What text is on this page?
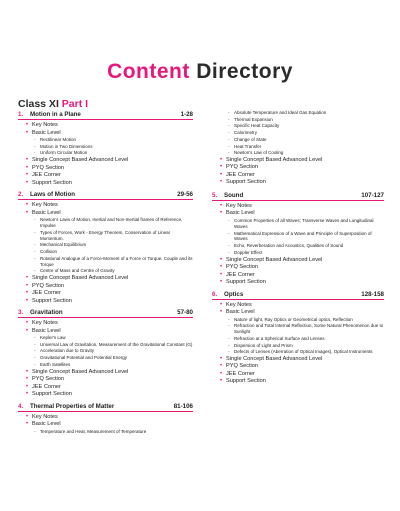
Content Directory
Class XI Part I
1.	Motion in a Plane	1-28
• Key Notes
• Basic Level
- Rectilinear Motion
- Motion in Two Dimensions
- Uniform Circular Motion
• Single Concept Based Advanced Level
• PYQ Section
• JEE Corner
• Support Section
2.	Laws of Motion	29-56
• Key Notes
• Basic Level
- Newton's Laws of Motion, Inertial and Non-Inertial frames of Reference, Impulse
- Types of Forces, Work - Energy Theorem, Conservation of Linear Momentum.
- Mechanical Equilibrium
- Collision
- Rotational Analogue of a Force-Moment of a Force or Torque, Couple and its Torque
- Centre of Mass and Centre of Gravity
• Single Concept Based Advanced Level
• PYQ Section
• JEE Corner
• Support Section
3.	Gravitation	57-80
• Key Notes
• Basic Level
- Kepler's Law
- Universal Law of Gravitation, Measurement of the Gravitational Constant (G)
- Acceleration due to Gravity
- Gravitational Potential and Potential Energy
- Earth Satellites
• Single Concept Based Advanced Level
• PYQ Section
• JEE Corner
• Support Section
4.	Thermal Properties of Matter	81-106
• Key Notes
• Basic Level
- Temperature and Heat, Measurement of Temperature
- Absolute Temperature and Ideal Gas Equation
- Thermal Expansion
- Specific Heat Capacity
- Calorimetry
- Change of State
- Heat Transfer
- Newton's Law of Cooling
• Single Concept Based Advanced Level
• PYQ Section
• JEE Corner
• Support Section
5.	Sound	107-127
• Key Notes
• Basic Level
- Common Properties of all Waves; Transverse Waves and Longitudinal Waves
- Mathematical Expression of a Wave and Principle of Superposition of Waves
- Echo, Reverberation and Acoustics, Qualities of Sound
- Doppler Effect
• Single Concept Based Advanced Level
• PYQ Section
• JEE Corner
• Support Section
6.	Optics	128-158
• Key Notes
• Basic Level
- Nature of light, Ray Optics or Geometrical optics, Reflection
- Refraction and Total Internal Reflection, Some Natural Phenomenon due to Sunlight
- Refraction at a Spherical Surface and Lenses
- Dispersion of Light and Prism
- Defects of Lenses (Aberration of Optical Images), Optical Instruments
• Single Concept Based Advanced Level
• PYQ Section
• JEE Corner
• Support Section
